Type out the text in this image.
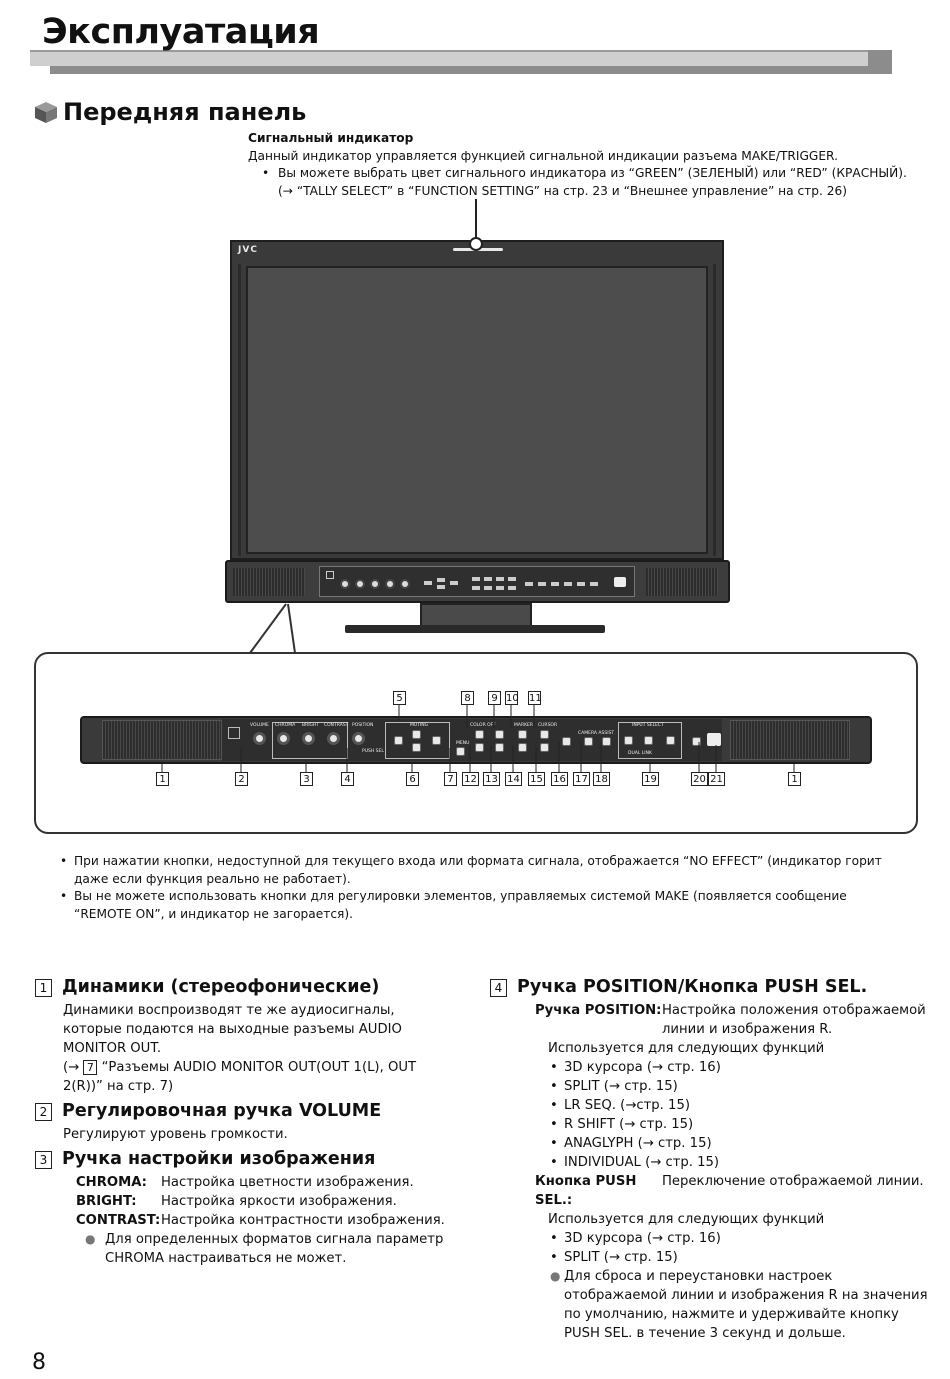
Эксплуатация
Передняя панель
Сигнальный индикатор
Данный индикатор управляется функцией сигнальной индикации разъема MAKE/TRIGGER.
• Вы можете выбрать цвет сигнального индикатора из “GREEN” (ЗЕЛЕНЫЙ) или “RED” (КРАСНЫЙ).
(→ “TALLY SELECT” в “FUNCTION SETTING” на стр. 23 и “Внешнее управление” на стр. 26)
JVC
VOLUME CHROMA BRIGHT CONTRAST POSITION
PUSH SEL
MUTING
MENU
COLOR OFF	MARKER CURSOR
CAMERA ASSIST
INPUT SELECT
DUAL LINK
5	8	9 10 11
1	2	3	4	6	7	12 13 14 15 16 17 18	19	20 21	1
• При нажатии кнопки, недоступной для текущего входа или формата сигнала, отображается “NO EFFECT” (индикатор горит даже если функция реально не работает).
• Вы не можете использовать кнопки для регулировки элементов, управляемых системой MAKE (появляется сообщение “REMOTE ON”, и индикатор не загорается).
1 Динамики (стереофонические)
Динамики воспроизводят те же аудиосигналы, которые подаются на выходные разъемы AUDIO MONITOR OUT.
(→ 7 “Разъемы AUDIO MONITOR OUT(OUT 1(L), OUT 2(R))” на стр. 7)
2 Регулировочная ручка VOLUME
Регулируют уровень громкости.
3 Ручка настройки изображения
CHROMA:	Настройка цветности изображения.
BRIGHT:	Настройка яркости изображения.
CONTRAST: Настройка контрастности изображения.
● Для определенных форматов сигнала параметр CHROMA настраиваться не может.
4 Ручка POSITION/Кнопка PUSH SEL.
Ручка POSITION: Настройка положения отображаемой линии и изображения R.
Используется для следующих функций
• 3D курсора (→ стр. 16)
• SPLIT (→ стр. 15)
• LR SEQ. (→стр. 15)
• R SHIFT (→ стр. 15)
• ANAGLYPH (→ стр. 15)
• INDIVIDUAL (→ стр. 15)
Кнопка PUSH SEL.:
Переключение отображаемой линии.
Используется для следующих функций
• 3D курсора (→ стр. 16)
• SPLIT (→ стр. 15)
● Для сброса и переустановки настроек отображаемой линии и изображения R на значения по умолчанию, нажмите и удерживайте кнопку PUSH SEL. в течение 3 секунд и дольше.
8
